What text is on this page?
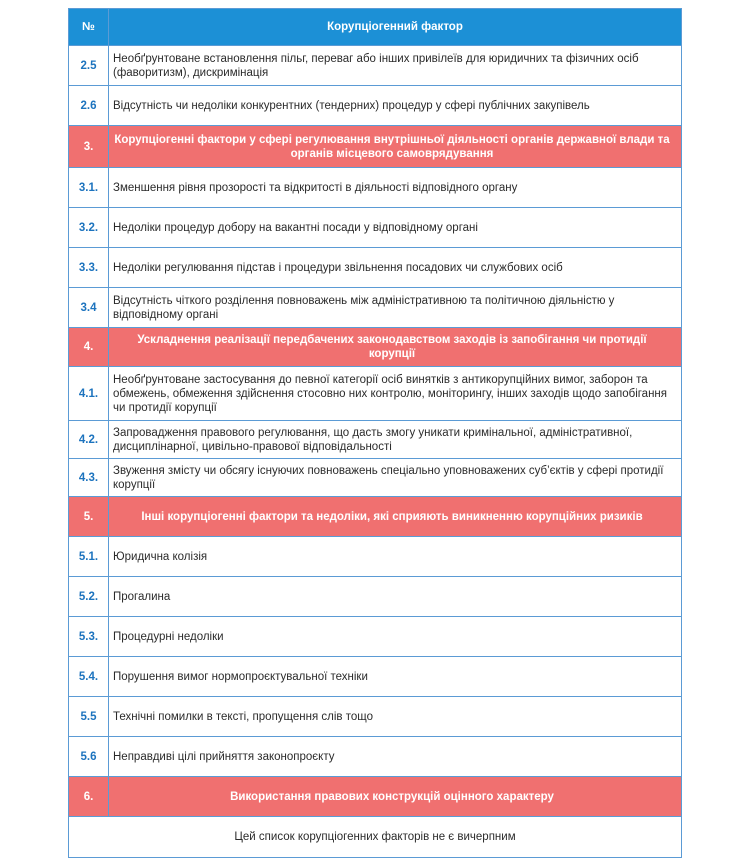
№	Корупціогенний фактор
2.5	Необґрунтоване встановлення пільг, переваг або інших привілеїв для юридичних та фізичних осіб (фаворитизм), дискримінація
2.6	Відсутність чи недоліки конкурентних (тендерних) процедур у сфері публічних закупівель
3.	Корупціогенні фактори у сфері регулювання внутрішньої діяльності органів державної влади та органів місцевого самоврядування
3.1.	Зменшення рівня прозорості та відкритості в діяльності відповідного органу
3.2.	Недоліки процедур добору на вакантні посади у відповідному органі
3.3.	Недоліки регулювання підстав і процедури звільнення посадових чи службових осіб
3.4	Відсутність чіткого розділення повноважень між адміністративною та політичною діяльністю у відповідному органі
4.	Ускладнення реалізації передбачених законодавством заходів із запобігання чи протидії корупції
4.1.	Необґрунтоване застосування до певної категорії осіб винятків з антикорупційних вимог, заборон та обмежень, обмеження здійснення стосовно них контролю, моніторингу, інших заходів щодо запобігання чи протидії корупції
4.2.	Запровадження правового регулювання, що дасть змогу уникати кримінальної, адміністративної, дисциплінарної, цивільно-правової відповідальності
4.3.	Звуження змісту чи обсягу існуючих повноважень спеціально уповноважених суб’єктів у сфері протидії корупції
5.	Інші корупціогенні фактори та недоліки, які сприяють виникненню корупційних ризиків
5.1.	Юридична колізія
5.2.	Прогалина
5.3.	Процедурні недоліки
5.4.	Порушення вимог нормопроєктувальної техніки
5.5	Технічні помилки в тексті, пропущення слів тощо
5.6	Неправдиві цілі прийняття законопроєкту
6.	Використання правових конструкцій оцінного характеру
Цей список корупціогенних факторів не є вичерпним	
